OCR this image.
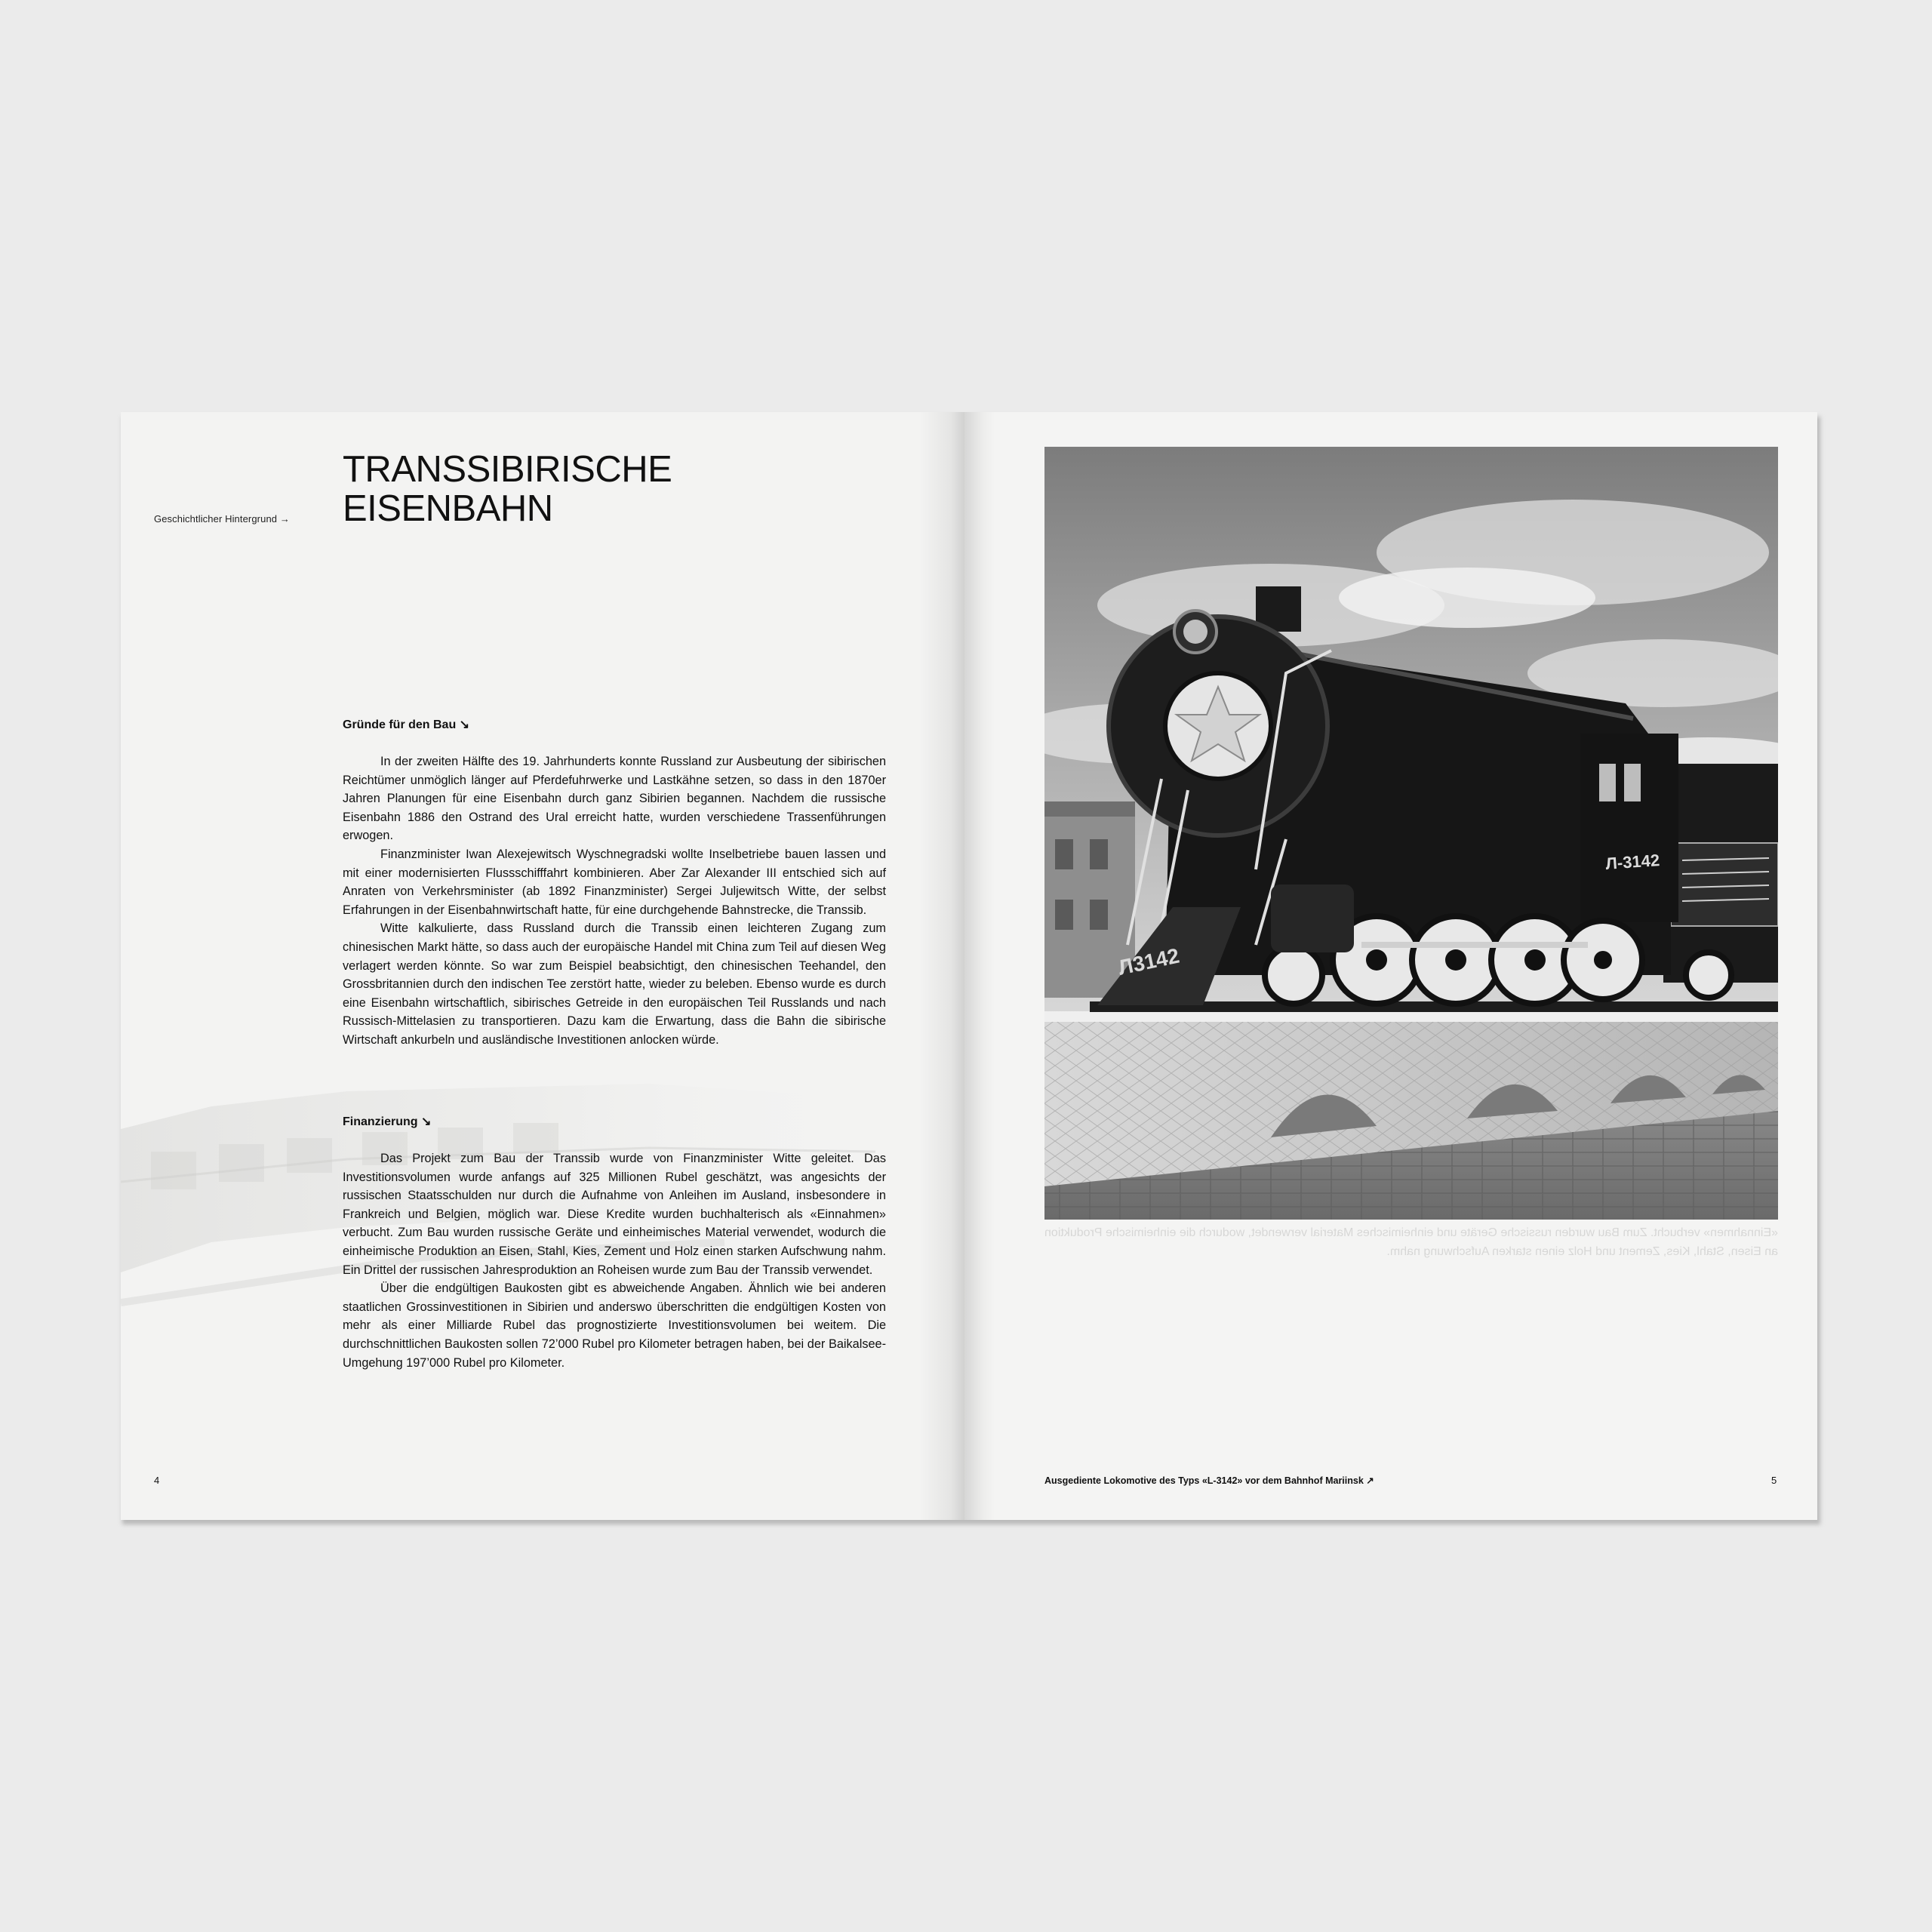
Geschichtlicher Hintergrund →
TRANSSIBIRISCHE
EISENBAHN

Gründe für den Bau ↘

In der zweiten Hälfte des 19. Jahrhunderts konnte Russland zur Ausbeutung der sibirischen Reichtümer unmöglich länger auf Pferdefuhrwerke und Lastkähne setzen, so dass in den 1870er Jahren Planungen für eine Eisenbahn durch ganz Sibirien begannen. Nachdem die russische Eisenbahn 1886 den Ostrand des Ural erreicht hatte, wurden verschiedene Trassenführungen erwogen.

Finanzminister Iwan Alexejewitsch Wyschnegradski wollte Inselbetriebe bauen lassen und mit einer modernisierten Flussschifffahrt kombinieren. Aber Zar Alexander III entschied sich auf Anraten von Verkehrsminister (ab 1892 Finanzminister) Sergei Juljewitsch Witte, der selbst Erfahrungen in der Eisenbahnwirtschaft hatte, für eine durchgehende Bahnstrecke, die Transsib.

Witte kalkulierte, dass Russland durch die Transsib einen leichteren Zugang zum chinesischen Markt hätte, so dass auch der europäische Handel mit China zum Teil auf diesen Weg verlagert werden könnte. So war zum Beispiel beabsichtigt, den chinesischen Teehandel, den Grossbritannien durch den indischen Tee zerstört hatte, wieder zu beleben. Ebenso wurde es durch eine Eisenbahn wirtschaftlich, sibirisches Getreide in den europäischen Teil Russlands und nach Russisch-Mittelasien zu transportieren. Dazu kam die Erwartung, dass die Bahn die sibirische Wirtschaft ankurbeln und ausländische Investitionen anlocken würde.

Finanzierung ↘

Das Projekt zum Bau der Transsib wurde von Finanzminister Witte geleitet. Das Investitionsvolumen wurde anfangs auf 325 Millionen Rubel geschätzt, was angesichts der russischen Staatsschulden nur durch die Aufnahme von Anleihen im Ausland, insbesondere in Frankreich und Belgien, möglich war. Diese Kredite wurden buchhalterisch als «Einnahmen» verbucht. Zum Bau wurden russische Geräte und einheimisches Material verwendet, wodurch die einheimische Produktion an Eisen, Stahl, Kies, Zement und Holz einen starken Aufschwung nahm. Ein Drittel der russischen Jahresproduktion an Roheisen wurde zum Bau der Transsib verwendet.

Über die endgültigen Baukosten gibt es abweichende Angaben. Ähnlich wie bei anderen staatlichen Grossinvestitionen in Sibirien und anderswo überschritten die endgültigen Kosten von mehr als einer Milliarde Rubel das prognostizierte Investitionsvolumen bei weitem. Die durchschnittlichen Baukosten sollen 72’000 Rubel pro Kilometer betragen haben, bei der Baikalsee-Umgehung 197’000 Rubel pro Kilometer.

4
«Einnahmen» verbucht. Zum Bau wurden russische Geräte und einheimisches Material verwendet, wodurch die einheimische Produktion an Eisen, Stahl, Kies, Zement und Holz einen starken Aufschwung nahm.
Л-3142
Л3142
Ausgediente Lokomotive des Typs «L-3142» vor dem Bahnhof Mariinsk ↗	5
